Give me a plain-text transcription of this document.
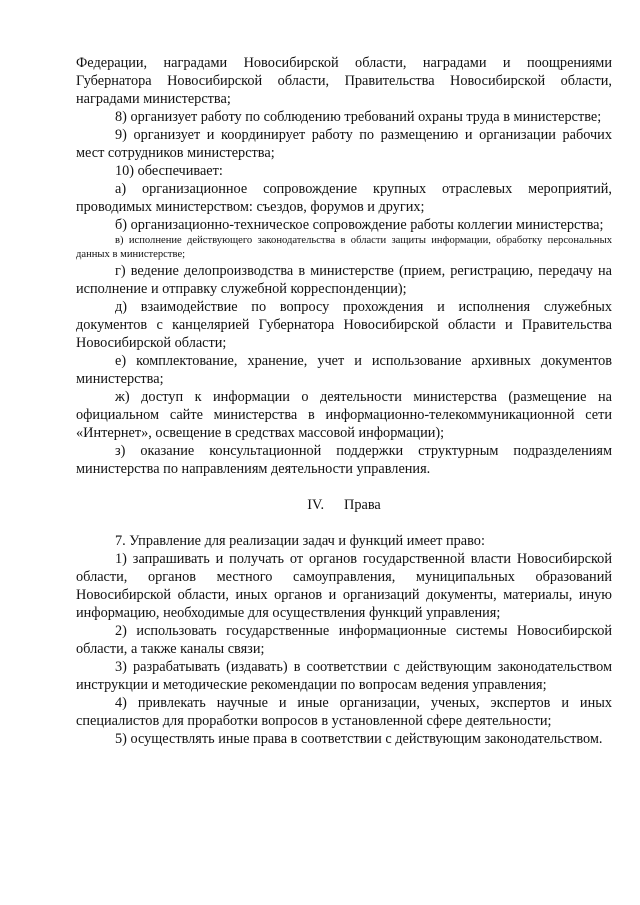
Федерации, наградами Новосибирской области, наградами и поощрениями Губернатора Новосибирской области, Правительства Новосибирской области, наградами министерства;

8) организует работу по соблюдению требований охраны труда в министерстве;

9) организует и координирует работу по размещению и организации рабочих мест сотрудников министерства;

10) обеспечивает:

а) организационное сопровождение крупных отраслевых мероприятий, проводимых министерством: съездов, форумов и других;

б) организационно-техническое сопровождение работы коллегии министерства;

в) исполнение действующего законодательства в области защиты информации, обработку персональных данных в министерстве;

г) ведение делопроизводства в министерстве (прием, регистрацию, передачу на исполнение и отправку служебной корреспонденции);

д) взаимодействие по вопросу прохождения и исполнения служебных документов с канцелярией Губернатора Новосибирской области и Правительства Новосибирской области;

е) комплектование, хранение, учет и использование архивных документов министерства;

ж) доступ к информации о деятельности министерства (размещение на официальном сайте министерства в информационно-телекоммуникационной сети «Интернет», освещение в средствах массовой информации);

з) оказание консультационной поддержки структурным подразделениям министерства по направлениям деятельности управления.

IV. Права

7. Управление для реализации задач и функций имеет право:

1) запрашивать и получать от органов государственной власти Новосибирской области, органов местного самоуправления, муниципальных образований Новосибирской области, иных органов и организаций документы, материалы, иную информацию, необходимые для осуществления функций управления;

2) использовать государственные информационные системы Новосибирской области, а также каналы связи;

3) разрабатывать (издавать) в соответствии с действующим законодательством инструкции и методические рекомендации по вопросам ведения управления;

4) привлекать научные и иные организации, ученых, экспертов и иных специалистов для проработки вопросов в установленной сфере деятельности;

5) осуществлять иные права в соответствии с действующим законодательством.
